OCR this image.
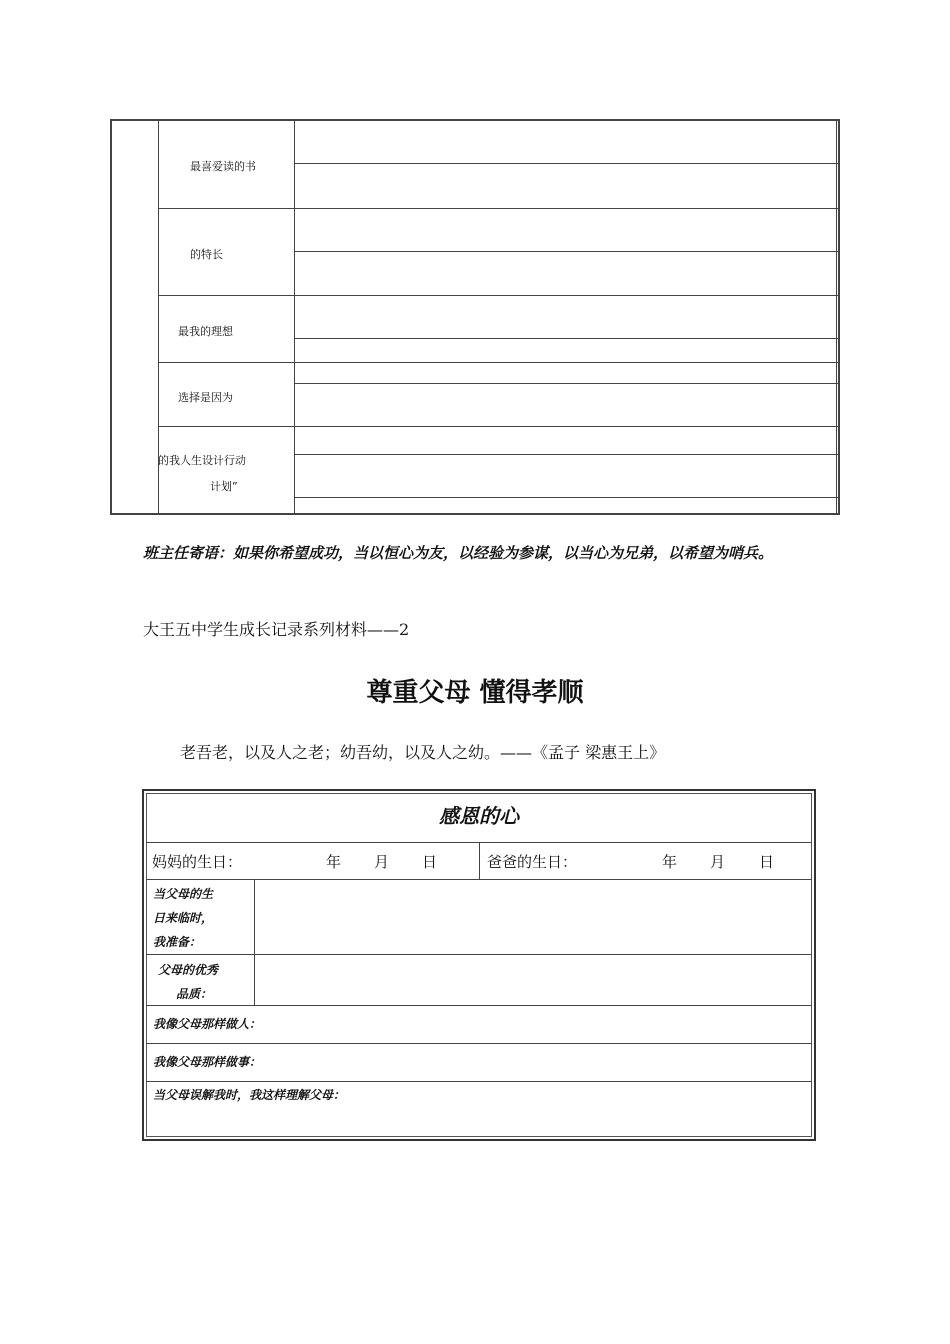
最喜爱读的书
的特长
最我的理想
选择是因为
的我人生设计行动
计划”
班主任寄语：如果你希望成功，当以恒心为友，以经验为参谋，以当心为兄弟，以希望为哨兵。
大王五中学生成长记录系列材料——2
尊重父母 懂得孝顺
老吾老，以及人之老；幼吾幼，以及人之幼。——《孟子 梁惠王上》
感恩的心
妈妈的生日：	年 月 日	爸爸的生日：	年 月 日
当父母的生
日来临时，
我准备：
父母的优秀
品质：
我像父母那样做人：
我像父母那样做事：
当父母误解我时，我这样理解父母：
